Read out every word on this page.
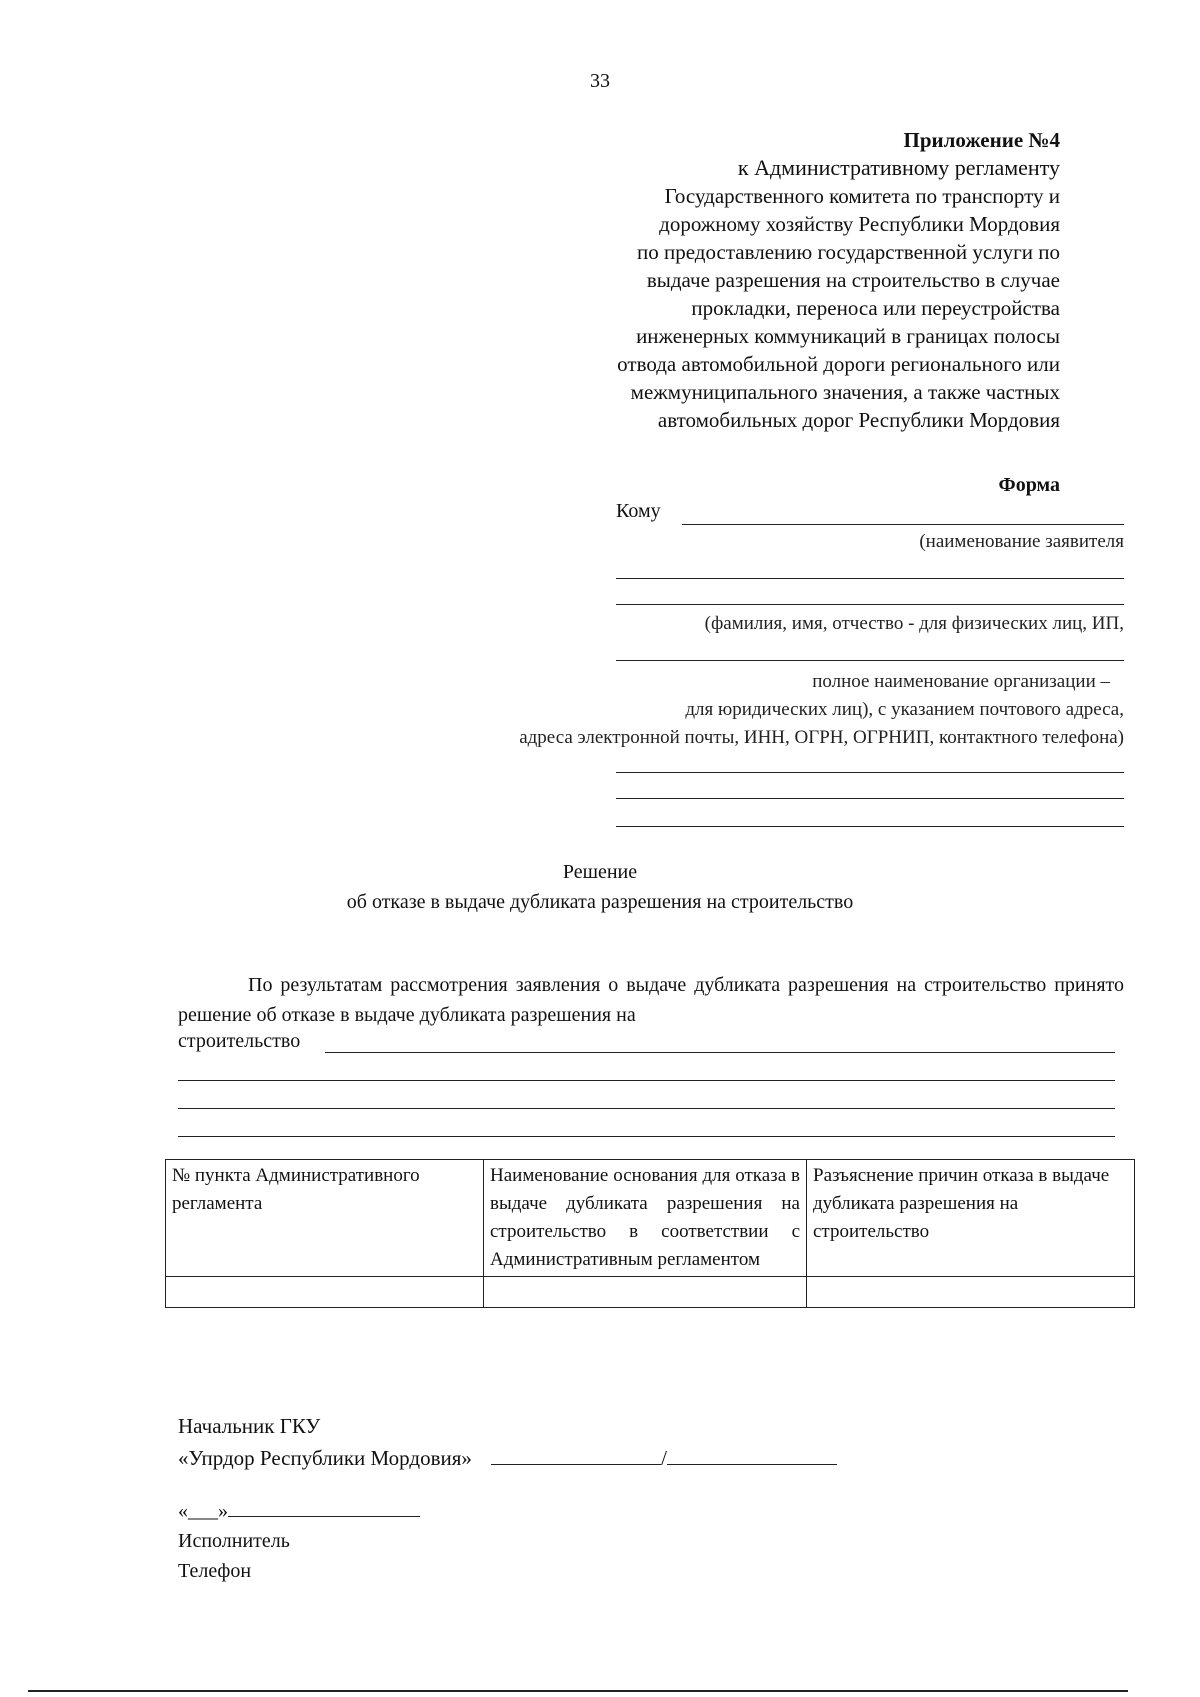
33
Приложение №4
к Административному регламенту
Государственного комитета по транспорту и
дорожному хозяйству Республики Мордовия
по предоставлению государственной услуги по
выдаче разрешения на строительство в случае
прокладки, переноса или переустройства
инженерных коммуникаций в границах полосы
отвода автомобильной дороги регионального или
межмуниципального значения, а также частных
автомобильных дорог Республики Мордовия
Форма
Кому
(наименование заявителя
(фамилия, имя, отчество - для физических лиц, ИП,
полное наименование организации –
для юридических лиц), с указанием почтового адреса,
адреса электронной почты, ИНН, ОГРН, ОГРНИП, контактного телефона)
Решение
об отказе в выдаче дубликата разрешения на строительство
По результатам рассмотрения заявления о выдаче дубликата разрешения на строительство принято решение об отказе в выдаче дубликата разрешения на
строительство
№ пункта Административного регламента	Наименование основания для отказа в выдаче дубликата разрешения на строительство в соответствии с Административным регламентом	Разъяснение причин отказа в выдаче дубликата разрешения на строительство

Начальник ГКУ
«Упрдор Республики Мордовия»	/
«___»
Исполнитель
Телефон
